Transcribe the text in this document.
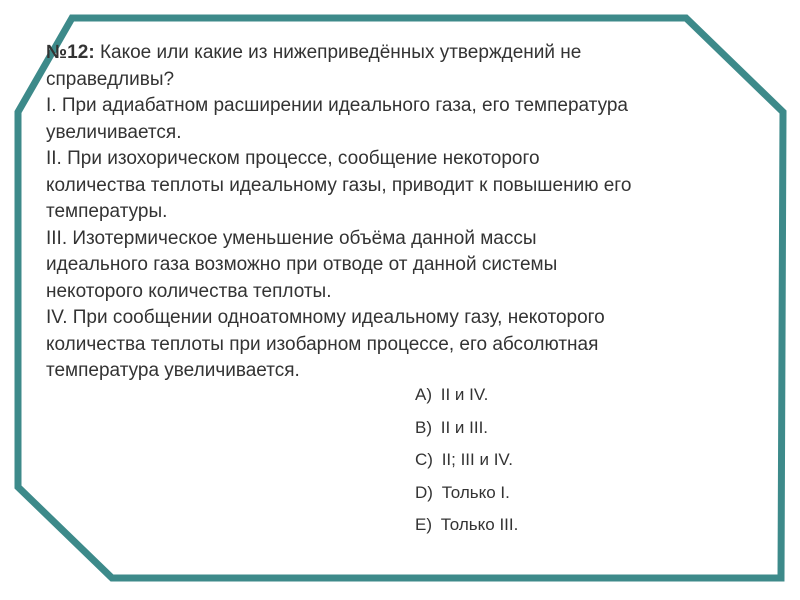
№12: Какое или какие из нижеприведённых утверждений не

справедливы?

I. При адиабатном расширении идеального газа, его температура

увеличивается.

II. При изохорическом процессе, сообщение некоторого

количества теплоты идеальному газы, приводит к повышению его

температуры.

III. Изотермическое уменьшение объёма данной массы

идеального газа возможно при отводе от данной системы

некоторого количества теплоты.

IV. При сообщении одноатомному идеальному газу, некоторого

количества теплоты при изобарном процессе, его абсолютная

температура увеличивается.

A) II и IV.
B) II и III.
C) II; III и IV.
D) Только I.
E) Только III.
